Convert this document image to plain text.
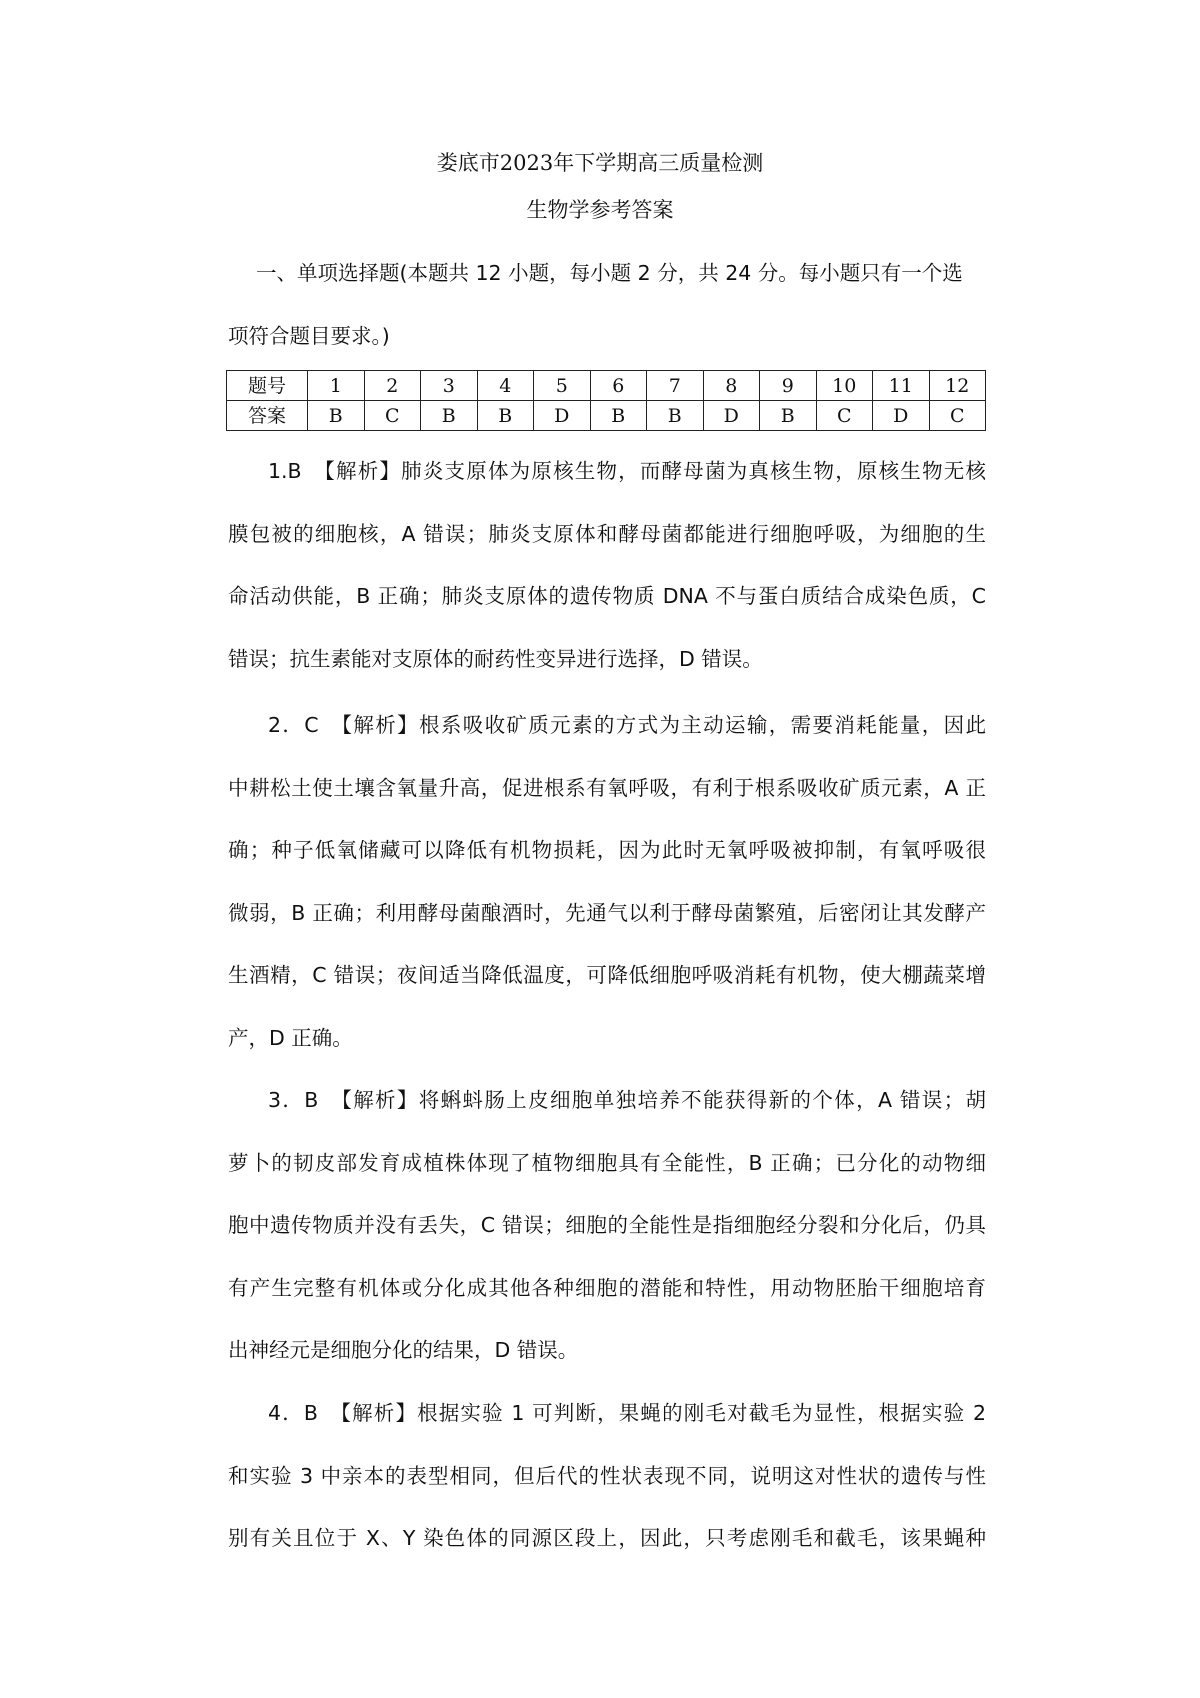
娄底市2023年下学期高三质量检测
生物学参考答案
一、单项选择题(本题共 12 小题，每小题 2 分，共 24 分。每小题只有一个选
项符合题目要求。)
题号	1	2	3	4	5	6	7	8	9	10	11	12
答案	B	C	B	B	D	B	B	D	B	C	D	C
1.B　【解析】肺炎支原体为原核生物，而酵母菌为真核生物，原核生物无核
膜包被的细胞核，A 错误；肺炎支原体和酵母菌都能进行细胞呼吸，为细胞的生
命活动供能，B 正确；肺炎支原体的遗传物质 DNA 不与蛋白质结合成染色质，C
错误；抗生素能对支原体的耐药性变异进行选择，D 错误。
2．C　【解析】根系吸收矿质元素的方式为主动运输，需要消耗能量，因此
中耕松土使土壤含氧量升高，促进根系有氧呼吸，有利于根系吸收矿质元素，A 正
确；种子低氧储藏可以降低有机物损耗，因为此时无氧呼吸被抑制，有氧呼吸很
微弱，B 正确；利用酵母菌酿酒时，先通气以利于酵母菌繁殖，后密闭让其发酵产
生酒精，C 错误；夜间适当降低温度，可降低细胞呼吸消耗有机物，使大棚蔬菜增
产，D 正确。
3．B　【解析】将蝌蚪肠上皮细胞单独培养不能获得新的个体，A 错误；胡
萝卜的韧皮部发育成植株体现了植物细胞具有全能性，B 正确；已分化的动物细
胞中遗传物质并没有丢失，C 错误；细胞的全能性是指细胞经分裂和分化后，仍具
有产生完整有机体或分化成其他各种细胞的潜能和特性，用动物胚胎干细胞培育
出神经元是细胞分化的结果，D 错误。
4．B　【解析】根据实验 1 可判断，果蝇的刚毛对截毛为显性，根据实验 2
和实验 3 中亲本的表型相同，但后代的性状表现不同，说明这对性状的遗传与性
别有关且位于 X、Y 染色体的同源区段上，因此，只考虑刚毛和截毛，该果蝇种
